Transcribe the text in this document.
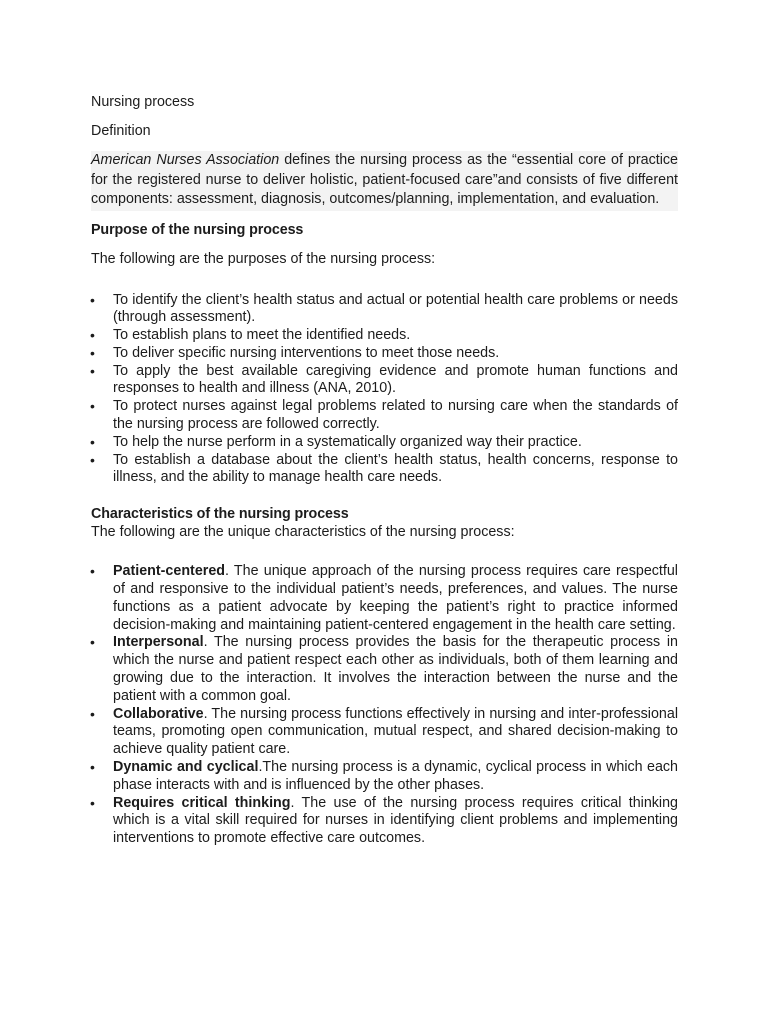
Nursing process

Definition

American Nurses Association defines the nursing process as the “essential core of practice for the registered nurse to deliver holistic, patient-focused care”and consists of five different components: assessment, diagnosis, outcomes/planning, implementation, and evaluation.

Purpose of the nursing process

The following are the purposes of the nursing process:

• To identify the client’s health status and actual or potential health care problems or needs (through assessment).
• To establish plans to meet the identified needs.
• To deliver specific nursing interventions to meet those needs.
• To apply the best available caregiving evidence and promote human functions and responses to health and illness (ANA, 2010).
• To protect nurses against legal problems related to nursing care when the standards of the nursing process are followed correctly.
• To help the nurse perform in a systematically organized way their practice.
• To establish a database about the client’s health status, health concerns, response to illness, and the ability to manage health care needs.

Characteristics of the nursing process

The following are the unique characteristics of the nursing process:

• Patient-centered. The unique approach of the nursing process requires care respectful of and responsive to the individual patient’s needs, preferences, and values. The nurse functions as a patient advocate by keeping the patient’s right to practice informed decision-making and maintaining patient-centered engagement in the health care setting.
• Interpersonal. The nursing process provides the basis for the therapeutic process in which the nurse and patient respect each other as individuals, both of them learning and growing due to the interaction. It involves the interaction between the nurse and the patient with a common goal.
• Collaborative. The nursing process functions effectively in nursing and inter-professional teams, promoting open communication, mutual respect, and shared decision-making to achieve quality patient care.
• Dynamic and cyclical.The nursing process is a dynamic, cyclical process in which each phase interacts with and is influenced by the other phases.
• Requires critical thinking. The use of the nursing process requires critical thinking which is a vital skill required for nurses in identifying client problems and implementing interventions to promote effective care outcomes.
